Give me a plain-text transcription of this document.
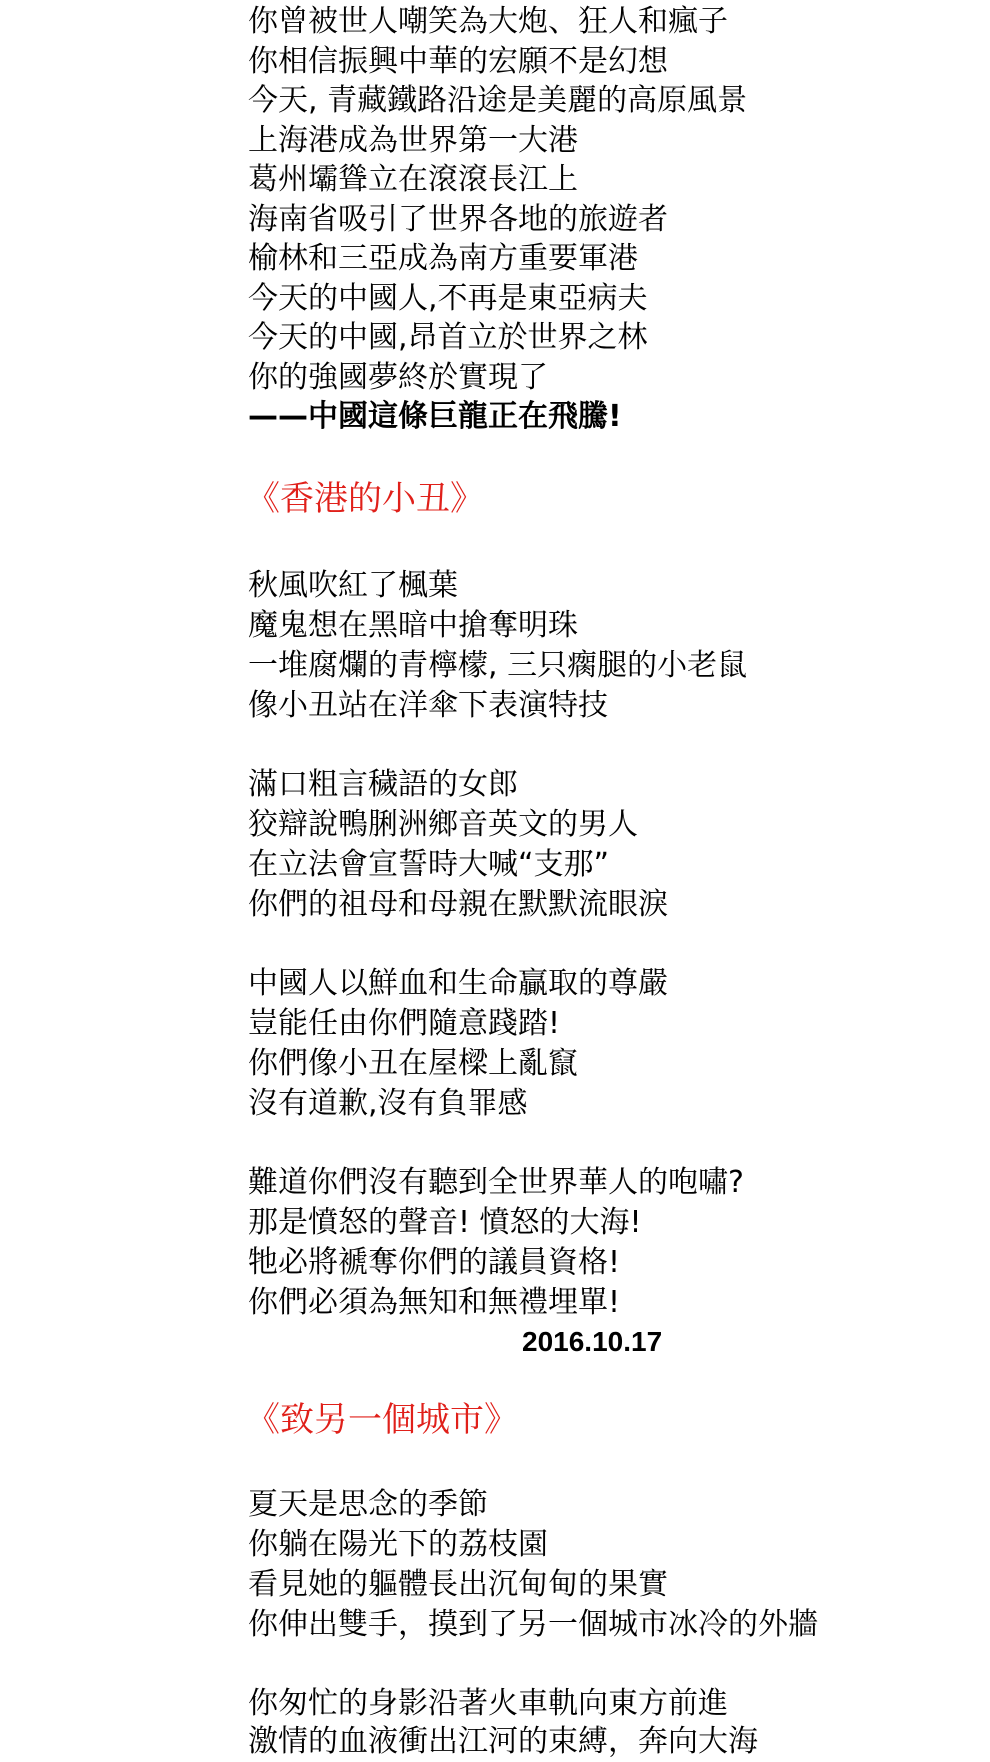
你曾被世人嘲笑為大炮、狂人和瘋子
你相信振興中華的宏願不是幻想
今天, 青藏鐵路沿途是美麗的高原風景
上海港成為世界第一大港
葛州壩聳立在滾滾長江上
海南省吸引了世界各地的旅遊者
榆林和三亞成為南方重要軍港
今天的中國人,不再是東亞病夫
今天的中國,昂首立於世界之林
你的強國夢終於實現了
——中國這條巨龍正在飛騰!
《香港的小丑》
秋風吹紅了楓葉
魔鬼想在黑暗中搶奪明珠
一堆腐爛的青檸檬, 三只瘸腿的小老鼠
像小丑站在洋傘下表演特技
滿口粗言穢語的女郎
狡辯說鴨脷洲鄉音英文的男人
在立法會宣誓時大喊“支那”
你們的祖母和母親在默默流眼淚
中國人以鮮血和生命贏取的尊嚴
豈能任由你們隨意踐踏!
你們像小丑在屋樑上亂竄
沒有道歉,沒有負罪感
難道你們沒有聽到全世界華人的咆嘯?
那是憤怒的聲音! 憤怒的大海!
牠必將褫奪你們的議員資格!
你們必須為無知和無禮埋單!
2016.10.17
《致另一個城市》
夏天是思念的季節
你躺在陽光下的荔枝園
看見她的軀體長出沉甸甸的果實
你伸出雙手，摸到了另一個城市冰冷的外牆
你匆忙的身影沿著火車軌向東方前進
激情的血液衝出江河的束縛，奔向大海
